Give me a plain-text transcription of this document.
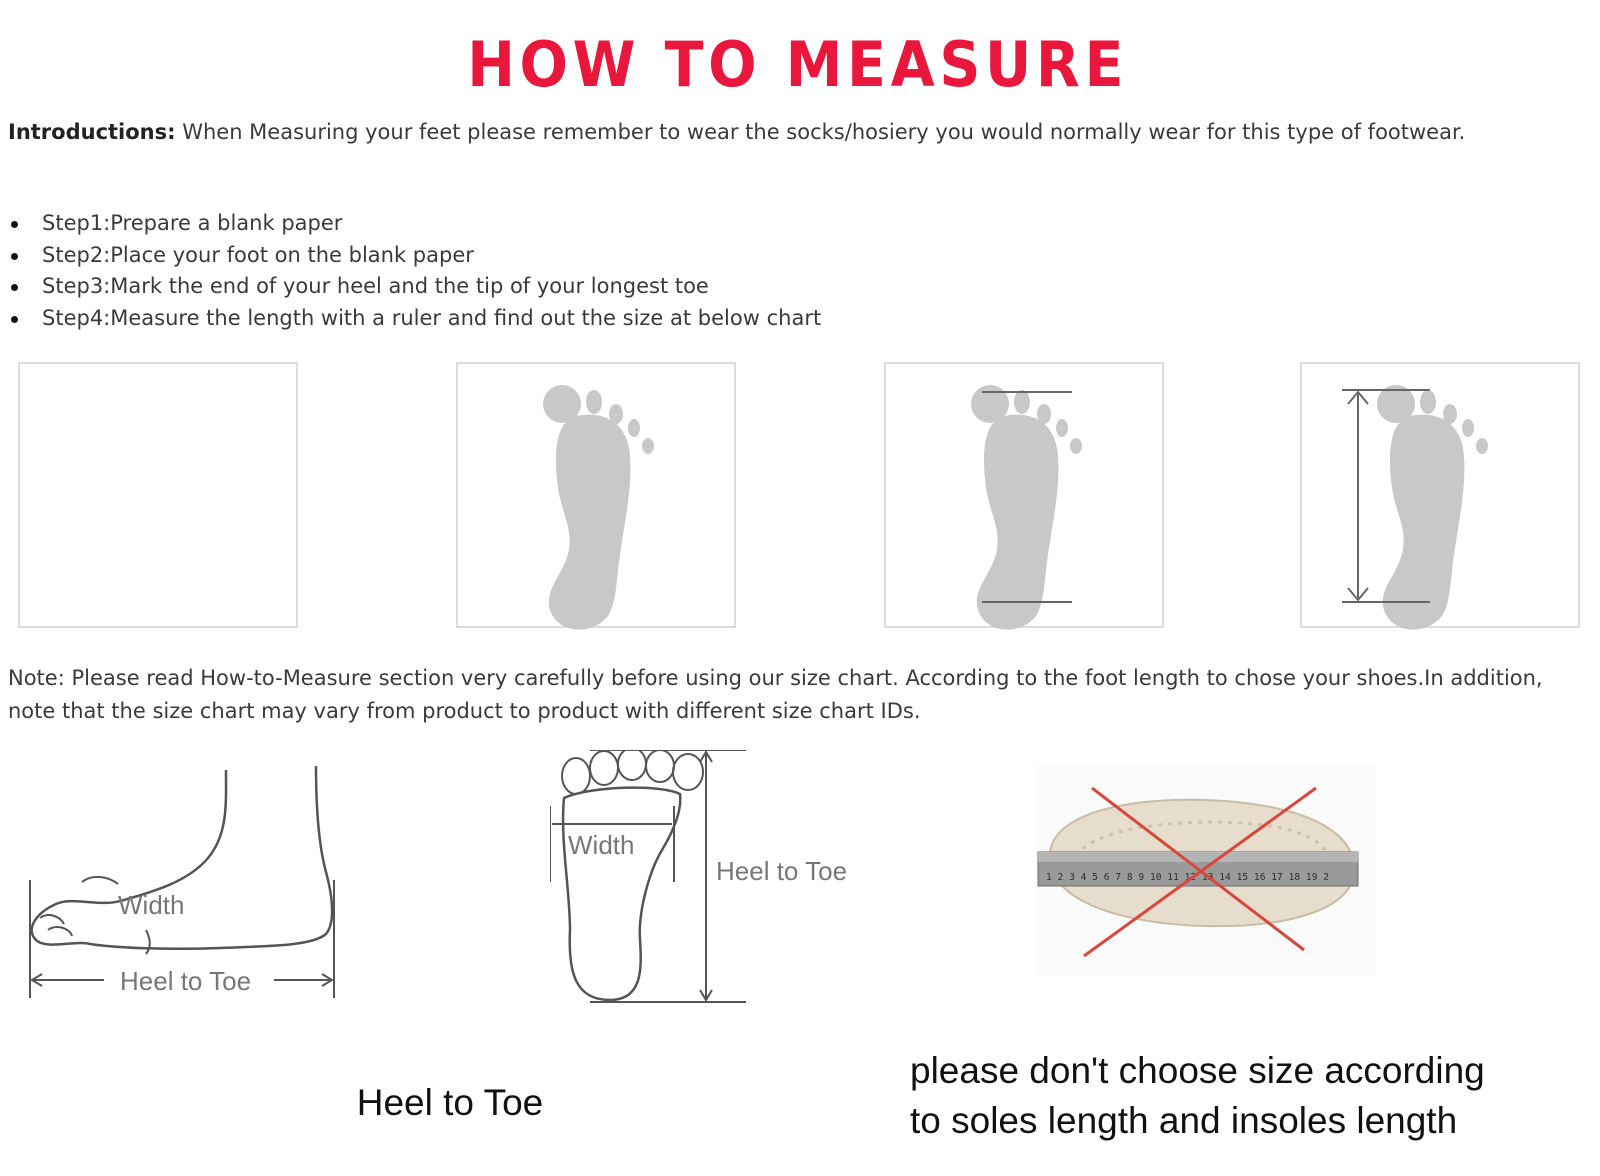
HOW TO MEASURE
Introductions: When Measuring your feet please remember to wear the socks/hosiery you would normally wear for this type of footwear.
Step1:Prepare a blank paper
Step2:Place your foot on the blank paper
Step3:Mark the end of your heel and the tip of your longest toe
Step4:Measure the length with a ruler and find out the size at below chart
Note: Please read How-to-Measure section very carefully before using our size chart. According to the foot length to chose your shoes.In addition, note that the size chart may vary from product to product with different size chart IDs.
Width
Heel to Toe
Width
Heel to Toe	1 2 3 4 5 6 7 8 9 10 11 12 13 14 15 16 17 18 19 2
Heel to Toe
please don't choose size according
to soles length and insoles length
